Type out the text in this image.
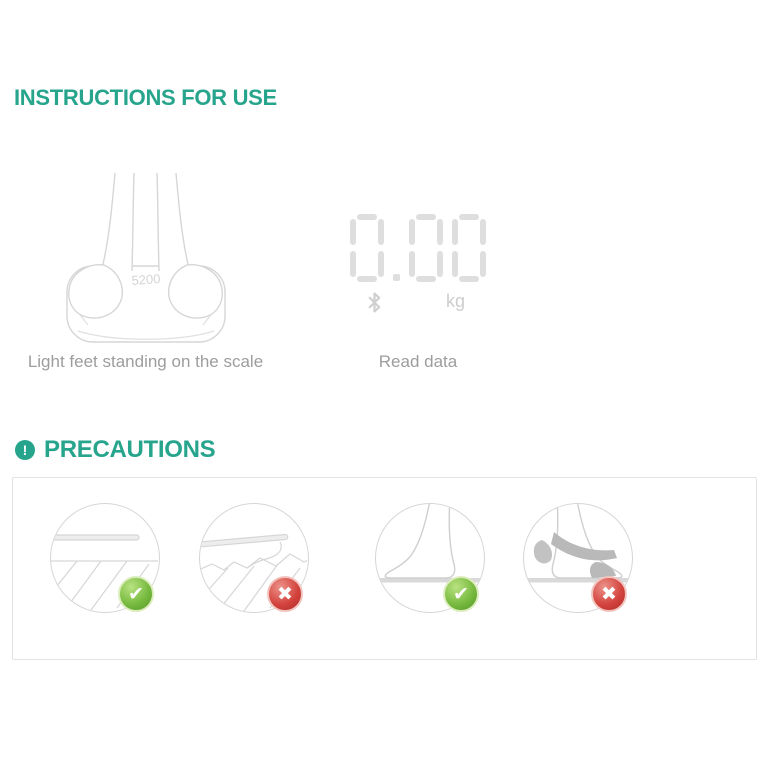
INSTRUCTIONS FOR USE
5200
Light feet standing on the scale
kg
Read data
! PRECAUTIONS
✔	✖	✔	✖
